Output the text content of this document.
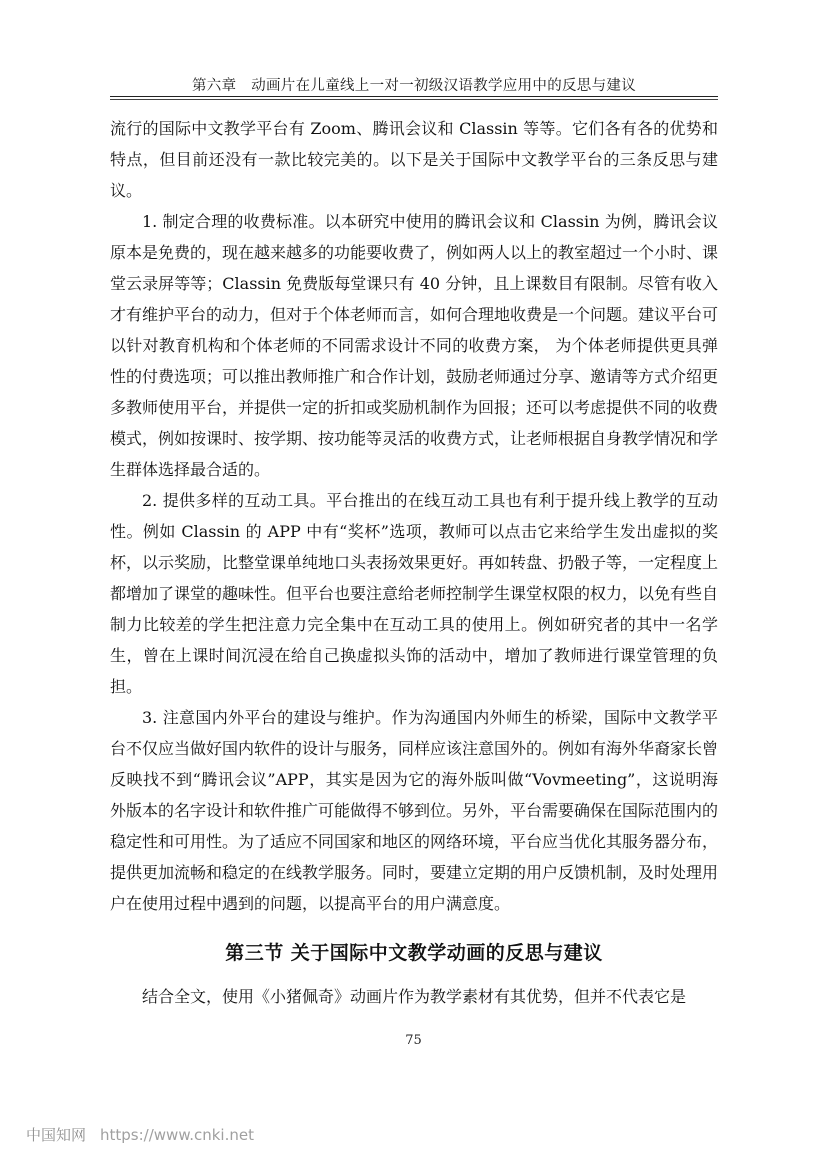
第六章　动画片在儿童线上一对一初级汉语教学应用中的反思与建议

流行的国际中文教学平台有 Zoom、腾讯会议和 Classin 等等。它们各有各的优势和特点，但目前还没有一款比较完美的。以下是关于国际中文教学平台的三条反思与建议。

1. 制定合理的收费标准。以本研究中使用的腾讯会议和 Classin 为例，腾讯会议原本是免费的，现在越来越多的功能要收费了，例如两人以上的教室超过一个小时、课堂云录屏等等；Classin 免费版每堂课只有 40 分钟，且上课数目有限制。尽管有收入才有维护平台的动力，但对于个体老师而言，如何合理地收费是一个问题。建议平台可以针对教育机构和个体老师的不同需求设计不同的收费方案， 为个体老师提供更具弹性的付费选项；可以推出教师推广和合作计划，鼓励老师通过分享、邀请等方式介绍更多教师使用平台，并提供一定的折扣或奖励机制作为回报；还可以考虑提供不同的收费模式，例如按课时、按学期、按功能等灵活的收费方式，让老师根据自身教学情况和学生群体选择最合适的。

2. 提供多样的互动工具。平台推出的在线互动工具也有利于提升线上教学的互动性。例如 Classin 的 APP 中有“奖杯”选项，教师可以点击它来给学生发出虚拟的奖杯，以示奖励，比整堂课单纯地口头表扬效果更好。再如转盘、扔骰子等，一定程度上都增加了课堂的趣味性。但平台也要注意给老师控制学生课堂权限的权力，以免有些自制力比较差的学生把注意力完全集中在互动工具的使用上。例如研究者的其中一名学生，曾在上课时间沉浸在给自己换虚拟头饰的活动中，增加了教师进行课堂管理的负担。

3. 注意国内外平台的建设与维护。作为沟通国内外师生的桥梁，国际中文教学平台不仅应当做好国内软件的设计与服务，同样应该注意国外的。例如有海外华裔家长曾反映找不到“腾讯会议”APP，其实是因为它的海外版叫做“Vovmeeting”，这说明海外版本的名字设计和软件推广可能做得不够到位。另外，平台需要确保在国际范围内的稳定性和可用性。为了适应不同国家和地区的网络环境，平台应当优化其服务器分布，提供更加流畅和稳定的在线教学服务。同时，要建立定期的用户反馈机制，及时处理用户在使用过程中遇到的问题，以提高平台的用户满意度。

第三节 关于国际中文教学动画的反思与建议

结合全文，使用《小猪佩奇》动画片作为教学素材有其优势，但并不代表它是

75
中国知网 https://www.cnki.net
